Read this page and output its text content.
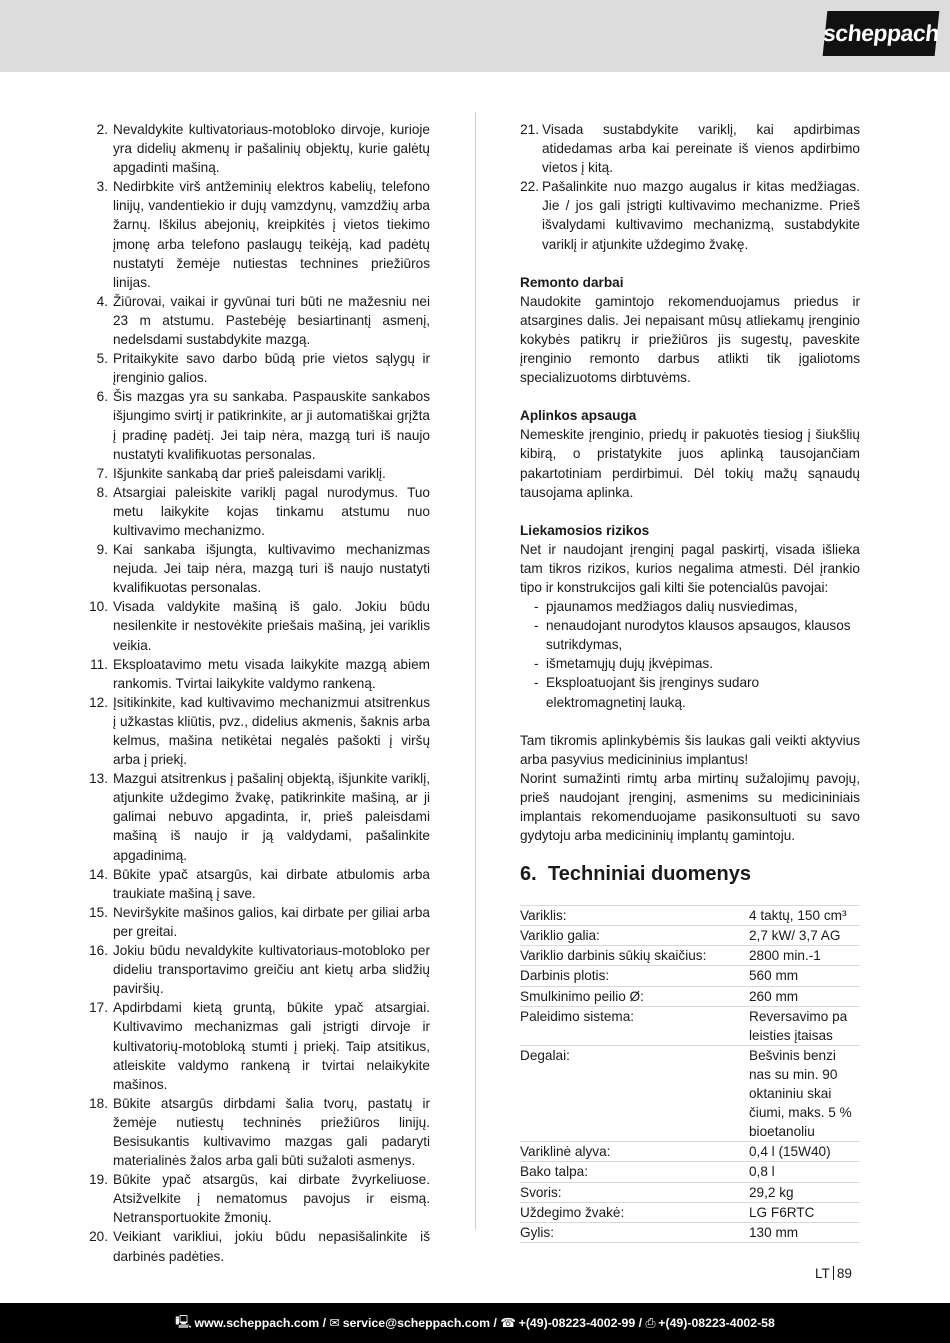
scheppach
2. Nevaldykite kultivatoriaus-motobloko dirvoje, kurioje yra didelių akmenų ir pašalinių objektų, kurie galėtų apgadinti mašiną.
3. Nedirbkite virš antžeminių elektros kabelių, telefono linijų, vandentiekio ir dujų vamzdynų, vamzdžių arba žarnų. Iškilus abejonių, kreipkitės į vietos tiekimo įmonę arba telefono paslaugų teikėją, kad padėtų nustatyti žemėje nutiestas technines priežiūros linijas.
4. Žiūrovai, vaikai ir gyvūnai turi būti ne mažesniu nei 23 m atstumu. Pastebėję besiartinantį asmenį, nedelsdami sustabdykite mazgą.
5. Pritaikykite savo darbo būdą prie vietos sąlygų ir įrenginio galios.
6. Šis mazgas yra su sankaba. Paspauskite sankabos išjungimo svirtį ir patikrinkite, ar ji automatiškai grįžta į pradinę padėtį. Jei taip nėra, mazgą turi iš naujo nustatyti kvalifikuotas personalas.
7. Išjunkite sankabą dar prieš paleisdami variklį.
8. Atsargiai paleiskite variklį pagal nurodymus. Tuo metu laikykite kojas tinkamu atstumu nuo kultivavimo mechanizmo.
9. Kai sankaba išjungta, kultivavimo mechanizmas nejuda. Jei taip nėra, mazgą turi iš naujo nustatyti kvalifikuotas personalas.
10. Visada valdykite mašiną iš galo. Jokiu būdu nesilenkite ir nestovėkite priešais mašiną, jei variklis veikia.
11. Eksploatavimo metu visada laikykite mazgą abiem rankomis. Tvirtai laikykite valdymo rankeną.
12. Įsitikinkite, kad kultivavimo mechanizmui atsitrenkus į užkastas kliūtis, pvz., didelius akmenis, šaknis arba kelmus, mašina netikėtai negalės pašokti į viršų arba į priekį.
13. Mazgui atsitrenkus į pašalinį objektą, išjunkite variklį, atjunkite uždegimo žvakę, patikrinkite mašiną, ar ji galimai nebuvo apgadinta, ir, prieš paleisdami mašiną iš naujo ir ją valdydami, pašalinkite apgadinimą.
14. Būkite ypač atsargūs, kai dirbate atbulomis arba traukiate mašiną į save.
15. Neviršykite mašinos galios, kai dirbate per giliai arba per greitai.
16. Jokiu būdu nevaldykite kultivatoriaus-motobloko per dideliu transportavimo greičiu ant kietų arba slidžių paviršių.
17. Apdirbdami kietą gruntą, būkite ypač atsargiai. Kultivavimo mechanizmas gali įstrigti dirvoje ir kultivatorių-motobloką stumti į priekį. Taip atsitikus, atleiskite valdymo rankeną ir tvirtai nelaikykite mašinos.
18. Būkite atsargūs dirbdami šalia tvorų, pastatų ir žemėje nutiestų techninės priežiūros linijų. Besisukantis kultivavimo mazgas gali padaryti materialinės žalos arba gali būti sužaloti asmenys.
19. Būkite ypač atsargūs, kai dirbate žvyrkeliuose. Atsižvelkite į nematomus pavojus ir eismą. Netransportuokite žmonių.
20. Veikiant varikliui, jokiu būdu nepasišalinkite iš darbinės padėties.
21. Visada sustabdykite variklį, kai apdirbimas atidedamas arba kai pereinate iš vienos apdirbimo vietos į kitą.
22. Pašalinkite nuo mazgo augalus ir kitas medžiagas. Jie / jos gali įstrigti kultivavimo mechanizme. Prieš išvalydami kultivavimo mechanizmą, sustabdykite variklį ir atjunkite uždegimo žvakę.
Remonto darbai
Naudokite gamintojo rekomenduojamus priedus ir atsargines dalis. Jei nepaisant mūsų atliekamų įrenginio kokybės patikrų ir priežiūros jis sugestų, paveskite įrenginio remonto darbus atlikti tik įgaliotoms specializuotoms dirbtuvėms.
Aplinkos apsauga
Nemeskite įrenginio, priedų ir pakuotės tiesiog į šiukšlių kibirą, o pristatykite juos aplinką tausojančiam pakartotiniam perdirbimui. Dėl tokių mažų sąnaudų tausojama aplinka.
Liekamosios rizikos
Net ir naudojant įrenginį pagal paskirtį, visada išlieka tam tikros rizikos, kurios negalima atmesti. Dėl įrankio tipo ir konstrukcijos gali kilti šie potencialūs pavojai:
- pjaunamos medžiagos dalių nusviedimas,
- nenaudojant nurodytos klausos apsaugos, klausos sutrikdymas,
- išmetamųjų dujų įkvėpimas.
- Eksploatuojant šis įrenginys sudaro elektromagnetinį lauką.
Tam tikromis aplinkybėmis šis laukas gali veikti aktyvius arba pasyvius medicininius implantus!
Norint sumažinti rimtų arba mirtinų sužalojimų pavojų, prieš naudojant įrenginį, asmenims su medicininiais implantais rekomenduojame pasikonsultuoti su savo gydytoju arba medicininių implantų gamintoju.
6. Techniniai duomenys
Variklis:	4 taktų, 150 cm³
Variklio galia:	2,7 kW/ 3,7 AG
Variklio darbinis sūkių skaičius:	2800 min.-1
Darbinis plotis:	560 mm
Smulkinimo peilio Ø:	260 mm
Paleidimo sistema:	Reversavimo pa leisties įtaisas
Degalai:	Bešvinis benzi nas su min. 90 oktaniniu skai čiumi, maks. 5 % bioetanoliu
Variklinė alyva:	0,4 l (15W40)
Bako talpa:	0,8 l
Svoris:	29,2 kg
Uždegimo žvakė:	LG F6RTC
Gylis:	130 mm
LT 89
🖳 www.scheppach.com / ✉ service@scheppach.com / ☎ +(49)-08223-4002-99 / ⎙ +(49)-08223-4002-58
